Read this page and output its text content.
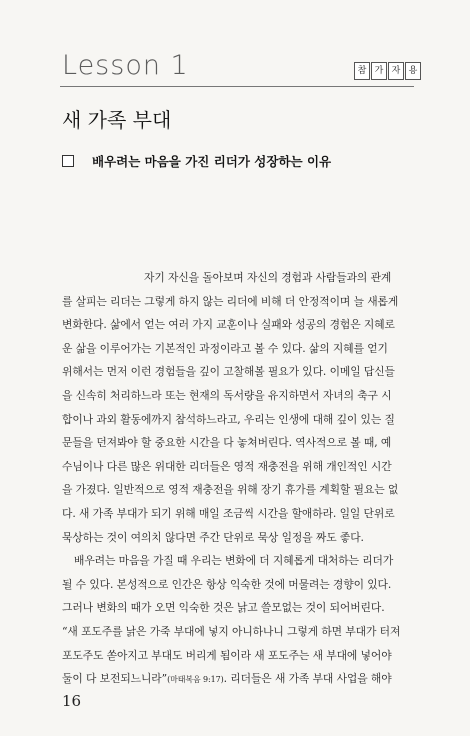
Lesson 1	참 가 자 용
새 가족 부대
배우려는 마음을 가진 리더가 성장하는 이유
자기 자신을 돌아보며 자신의 경험과 사람들과의 관계
를 살피는 리더는 그렇게 하지 않는 리더에 비해 더 안정적이며 늘 새롭게
변화한다. 삶에서 얻는 여러 가지 교훈이나 실패와 성공의 경험은 지혜로
운 삶을 이루어가는 기본적인 과정이라고 볼 수 있다. 삶의 지혜를 얻기
위해서는 먼저 이런 경험들을 깊이 고찰해볼 필요가 있다. 이메일 답신들
을 신속히 처리하느라 또는 현재의 독서량을 유지하면서 자녀의 축구 시
합이나 과외 활동에까지 참석하느라고, 우리는 인생에 대해 깊이 있는 질
문들을 던져봐야 할 중요한 시간을 다 놓쳐버린다. 역사적으로 볼 때, 예
수님이나 다른 많은 위대한 리더들은 영적 재충전을 위해 개인적인 시간
을 가졌다. 일반적으로 영적 재충전을 위해 장기 휴가를 계획할 필요는 없
다. 새 가족 부대가 되기 위해 매일 조금씩 시간을 할애하라. 일일 단위로
묵상하는 것이 여의치 않다면 주간 단위로 묵상 일정을 짜도 좋다.
배우려는 마음을 가질 때 우리는 변화에 더 지혜롭게 대처하는 리더가
될 수 있다. 본성적으로 인간은 항상 익숙한 것에 머물려는 경향이 있다.
그러나 변화의 때가 오면 익숙한 것은 낡고 쓸모없는 것이 되어버린다.
“새 포도주를 낡은 가죽 부대에 넣지 아니하나니 그렇게 하면 부대가 터져
포도주도 쏟아지고 부대도 버리게 됨이라 새 포도주는 새 부대에 넣어야
둘이 다 보전되느니라”(마태복음 9:17). 리더들은 새 가족 부대 사업을 해야
16
